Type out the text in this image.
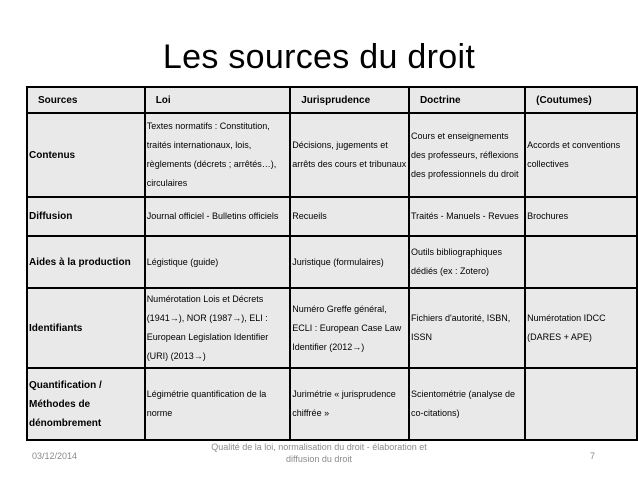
Les sources du droit
Sources	Loi	Jurisprudence	Doctrine	(Coutumes)
Contenus	Textes normatifs : Constitution, traités internationaux, lois, règlements (décrets ; arrêtés…), circulaires	Décisions, jugements et arrêts des cours et tribunaux	Cours et enseignements des professeurs, réflexions des professionnels du droit	Accords et conventions collectives
Diffusion	Journal officiel - Bulletins officiels	Recueils	Traités - Manuels - Revues	Brochures
Aides à la production	Légistique (guide)	Juristique (formulaires)	Outils bibliographiques dédiés (ex : Zotero)	
Identifiants	Numérotation Lois et Décrets (1941→), NOR (1987→), ELI : European Legislation Identifier (URI) (2013→)	Numéro Greffe général, ECLI : European Case Law Identifier (2012→)	Fichiers d'autorité, ISBN, ISSN	Numérotation IDCC (DARES + APE)
Quantification / Méthodes de dénombrement	Légimétrie quantification de la norme	Jurimétrie « jurisprudence chiffrée »	Scientométrie (analyse de co-citations)	
03/12/2014
Qualité de la loi, normalisation du droit - élaboration et diffusion du droit	7
